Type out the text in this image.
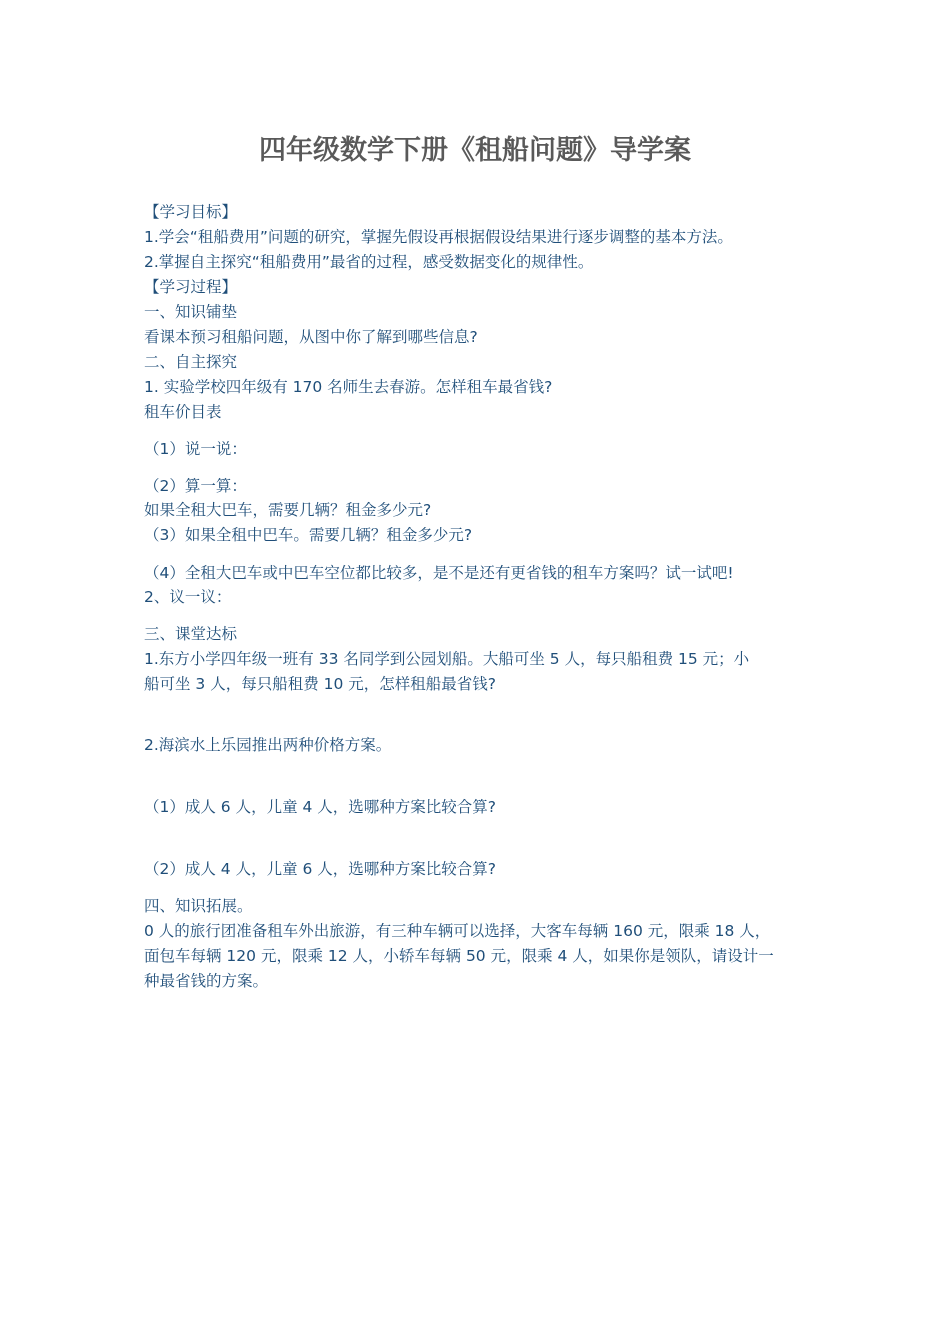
四年级数学下册《租船问题》导学案
【学习目标】
1.学会“租船费用”问题的研究，掌握先假设再根据假设结果进行逐步调整的基本方法。
2.掌握自主探究“租船费用”最省的过程，感受数据变化的规律性。
【学习过程】
一、知识铺垫
看课本预习租船问题，从图中你了解到哪些信息?
二、自主探究
1. 实验学校四年级有 170 名师生去春游。怎样租车最省钱?
租车价目表
（1）说一说：
（2）算一算：
如果全租大巴车，需要几辆？租金多少元?
（3）如果全租中巴车。需要几辆？租金多少元?
（4）全租大巴车或中巴车空位都比较多，是不是还有更省钱的租车方案吗？试一试吧!
2、议一议：
三、课堂达标
1.东方小学四年级一班有 33 名同学到公园划船。大船可坐 5 人，每只船租费 15 元；小
船可坐 3 人，每只船租费 10 元，怎样租船最省钱?
2.海滨水上乐园推出两种价格方案。
（1）成人 6 人，儿童 4 人，选哪种方案比较合算?
（2）成人 4 人，儿童 6 人，选哪种方案比较合算?
四、知识拓展。
0 人的旅行团准备租车外出旅游，有三种车辆可以选择，大客车每辆 160 元，限乘 18 人，
面包车每辆 120 元，限乘 12 人，小轿车每辆 50 元，限乘 4 人，如果你是领队，请设计一
种最省钱的方案。
